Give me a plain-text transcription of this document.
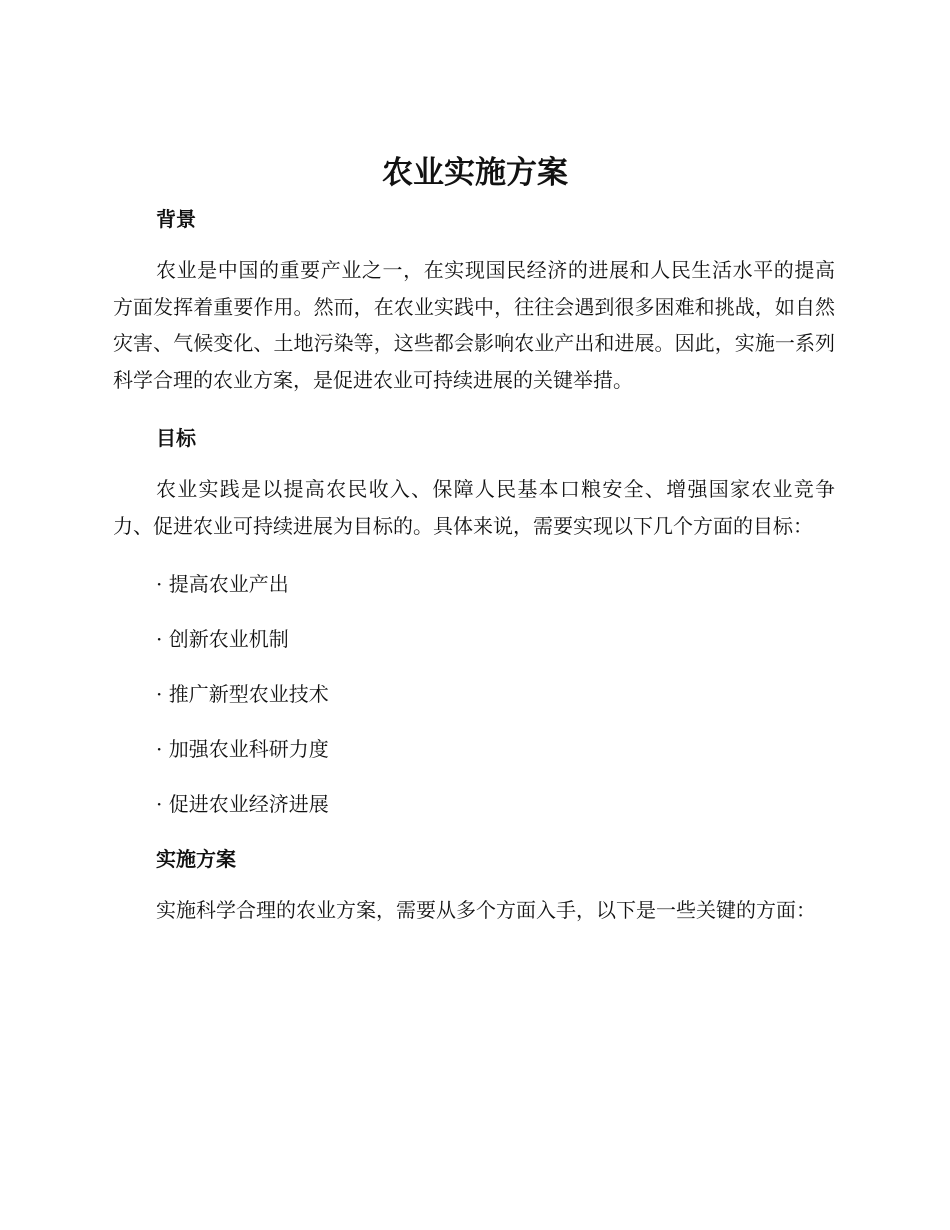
农业实施方案
背景

农业是中国的重要产业之一，在实现国民经济的进展和人民生活水平的提高方面发挥着重要作用。然而，在农业实践中，往往会遇到很多困难和挑战，如自然灾害、气候变化、土地污染等，这些都会影响农业产出和进展。因此，实施一系列科学合理的农业方案，是促进农业可持续进展的关键举措。

目标

农业实践是以提高农民收入、保障人民基本口粮安全、增强国家农业竞争力、促进农业可持续进展为目标的。具体来说，需要实现以下几个方面的目标：

· 提高农业产出
· 创新农业机制
· 推广新型农业技术
· 加强农业科研力度
· 促进农业经济进展
实施方案

实施科学合理的农业方案，需要从多个方面入手，以下是一些关键的方面：
